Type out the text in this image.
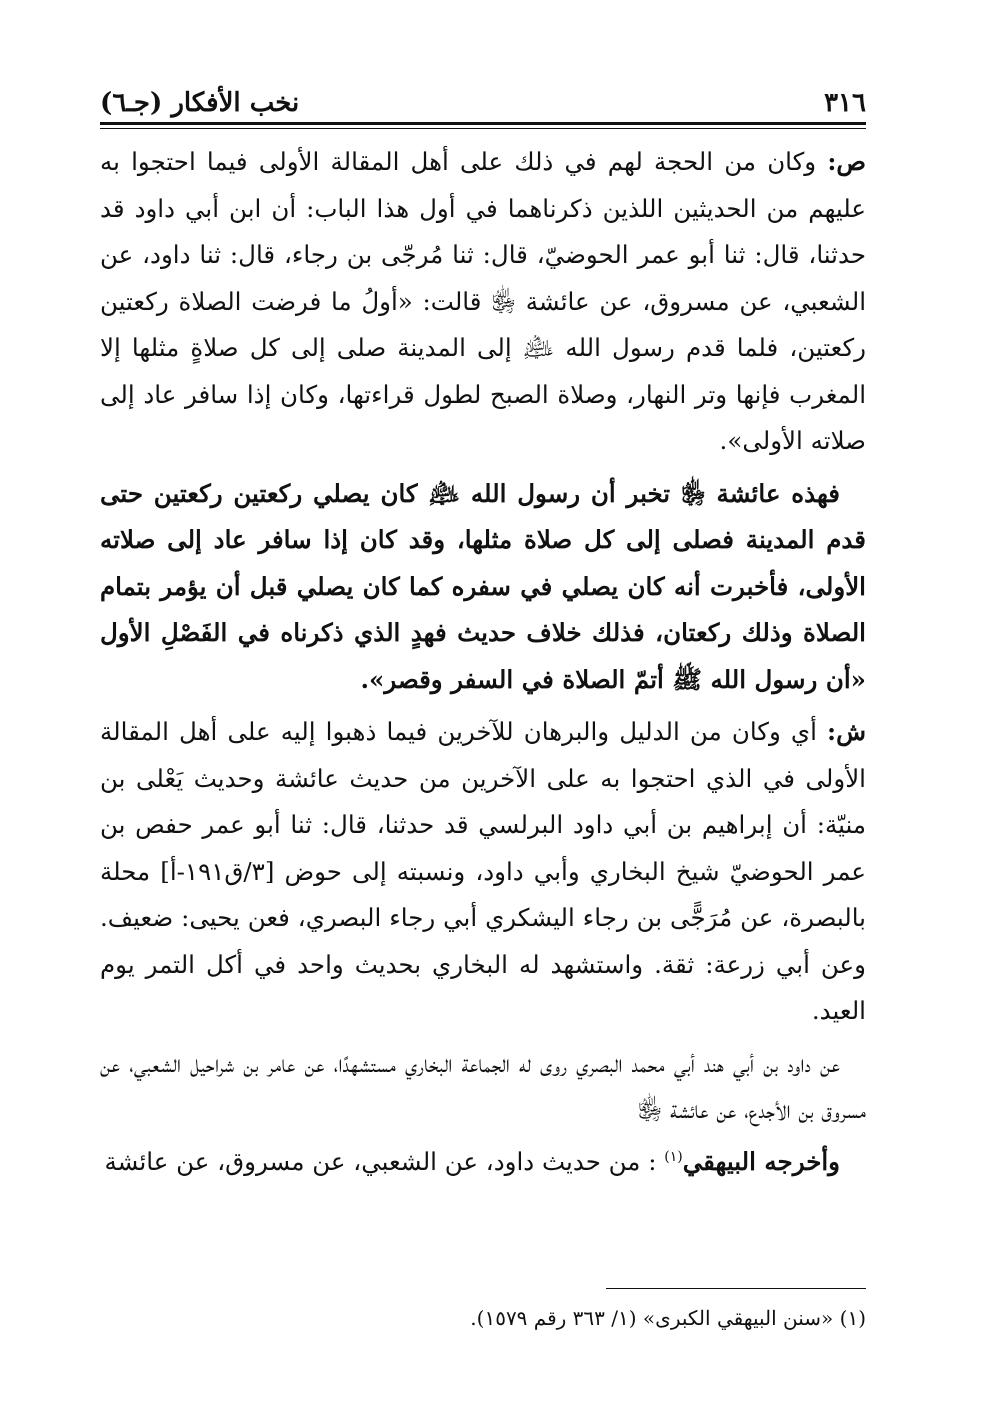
٣١٦
نخب الأفكار (جـ٦)

ص: وكان من الحجة لهم في ذلك على أهل المقالة الأولى فيما احتجوا به عليهم من الحديثين اللذين ذكرناهما في أول هذا الباب: أن ابن أبي داود قد حدثنا، قال: ثنا أبو عمر الحوضيّ، قال: ثنا مُرجّى بن رجاء، قال: ثنا داود، عن الشعبي، عن مسروق، عن عائشة ﵂ قالت: «أولُ ما فرضت الصلاة ركعتين ركعتين، فلما قدم رسول الله ﵇ إلى المدينة صلى إلى كل صلاةٍ مثلها إلا المغرب فإنها وتر النهار، وصلاة الصبح لطول قراءتها، وكان إذا سافر عاد إلى صلاته الأولى».

فهذه عائشة ﵂ تخبر أن رسول الله ﵇ كان يصلي ركعتين ركعتين حتى قدم المدينة فصلى إلى كل صلاة مثلها، وقد كان إذا سافر عاد إلى صلاته الأولى، فأخبرت أنه كان يصلي في سفره كما كان يصلي قبل أن يؤمر بتمام الصلاة وذلك ركعتان، فذلك خلاف حديث فهدٍ الذي ذكرناه في الفَصْلِ الأول «أن رسول الله ﷺ أتمّ الصلاة في السفر وقصر».

ش: أي وكان من الدليل والبرهان للآخرين فيما ذهبوا إليه على أهل المقالة الأولى في الذي احتجوا به على الآخرين من حديث عائشة وحديث يَعْلى بن منيّة: أن إبراهيم بن أبي داود البرلسي قد حدثنا، قال: ثنا أبو عمر حفص بن عمر الحوضيّ شيخ البخاري وأبي داود، ونسبته إلى حوض [٣/ق١٩١-أ] محلة بالبصرة، عن مُرَجًّى بن رجاء اليشكري أبي رجاء البصري، فعن يحيى: ضعيف. وعن أبي زرعة: ثقة. واستشهد له البخاري بحديث واحد في أكل التمر يوم العيد.

عن داود بن أبي هند أبي محمد البصري روى له الجماعة البخاري مستشهدًا، عن عامر بن شراحيل الشعبي، عن مسروق بن الأجدع، عن عائشة ﵂

وأخرجه البيهقي$^{(١)}$ : من حديث داود، عن الشعبي، عن مسروق، عن عائشة

(١) «سنن البيهقي الكبرى» (١/ ٣٦٣ رقم ١٥٧٩).
